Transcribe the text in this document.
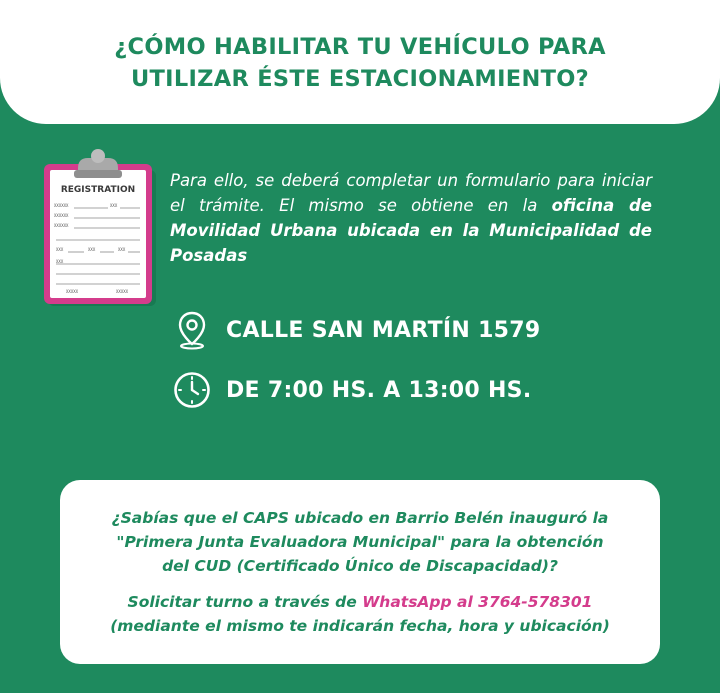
¿CÓMO HABILITAR TU VEHÍCULO PARA
UTILIZAR ÉSTE ESTACIONAMIENTO?
REGISTRATION
XXXXXX	XXX
XXXXXX
XXXXXX
XXX	XXX	XXX
XXX
XXXXX	XXXXX
Para ello, se deberá completar un formulario para iniciar el trámite. El mismo se obtiene en la oficina de Movilidad Urbana ubicada en la Municipalidad de Posadas
CALLE SAN MARTÍN 1579
DE 7:00 HS. A 13:00 HS.
¿Sabías que el CAPS ubicado en Barrio Belén inauguró la
"Primera Junta Evaluadora Municipal" para la obtención
del CUD (Certificado Único de Discapacidad)?
Solicitar turno a través de WhatsApp al 3764-578301
(mediante el mismo te indicarán fecha, hora y ubicación)
